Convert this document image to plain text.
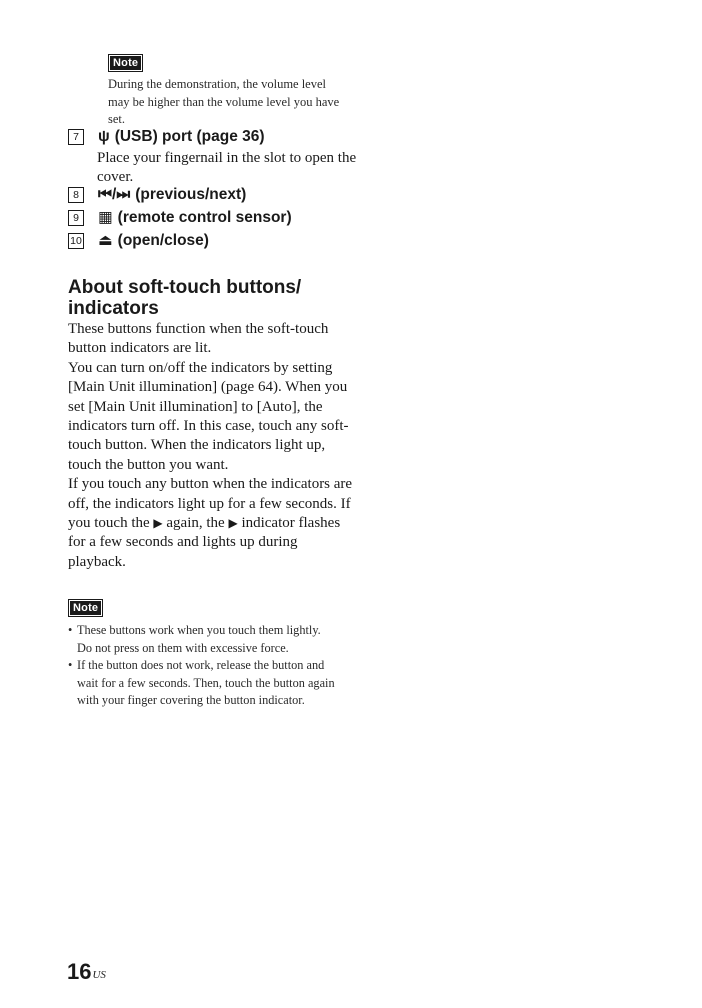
Note
During the demonstration, the volume level may be higher than the volume level you have set.
7	ψ (USB) port (page 36)
Place your fingernail in the slot to open the cover.
8	⏮/⏭ (previous/next)
9	▦ (remote control sensor)
10 ⏏ (open/close)
About soft-touch buttons/ indicators
These buttons function when the soft-touch button indicators are lit.
You can turn on/off the indicators by setting [Main Unit illumination] (page 64). When you set [Main Unit illumination] to [Auto], the indicators turn off. In this case, touch any soft-touch button. When the indicators light up, touch the button you want.
If you touch any button when the indicators are off, the indicators light up for a few seconds. If you touch the ▶ again, the ▶ indicator flashes for a few seconds and lights up during playback.
Note
• These buttons work when you touch them lightly. Do not press on them with excessive force.
• If the button does not work, release the button and wait for a few seconds. Then, touch the button again with your finger covering the button indicator.
$16^{US}$
